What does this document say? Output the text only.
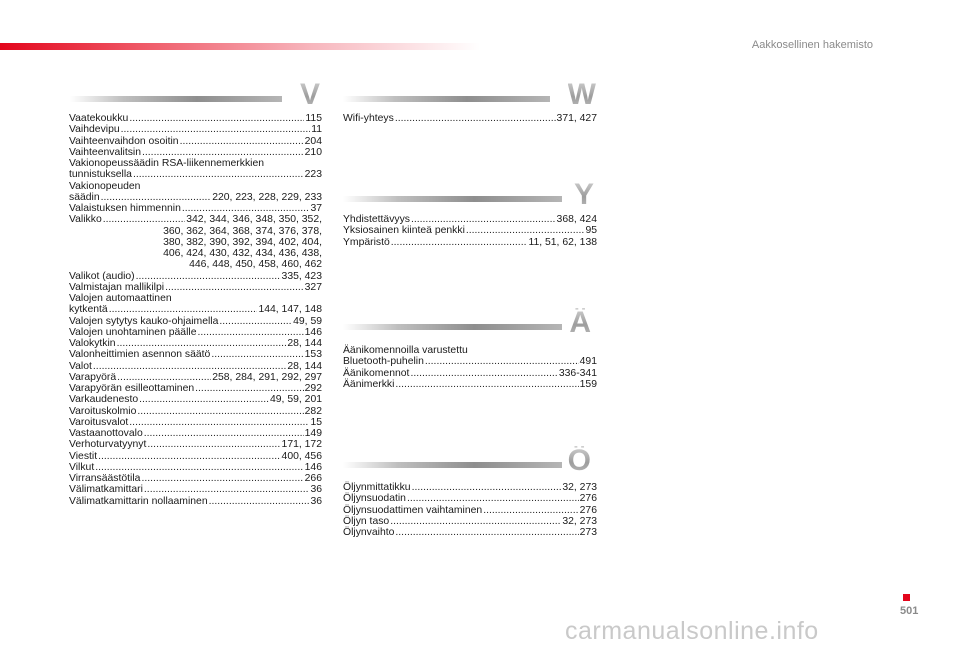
Aakkosellinen hakemisto
V
Vaatekoukku .....	115
Vaihdevipu .....	11
Vaihteenvaihdon osoitin .....	204
Vaihteenvalitsin .....	210
Vakionopeussäädin RSA-liikennemerkkien
tunnistuksella .....	223
Vakionopeuden
säädin .....	220, 223, 228, 229, 233
Valaistuksen himmennin .....	37
Valikko .....	342, 344, 346, 348, 350, 352,
360, 362, 364, 368, 374, 376, 378,
380, 382, 390, 392, 394, 402, 404,
406, 424, 430, 432, 434, 436, 438,
446, 448, 450, 458, 460, 462
Valikot (audio) .....	335, 423
Valmistajan mallikilpi .....	327
Valojen automaattinen
kytkentä .....	144, 147, 148
Valojen sytytys kauko-ohjaimella .....	49, 59
Valojen unohtaminen päälle .....	146
Valokytkin .....	28, 144
Valonheittimien asennon säätö .....	153
Valot .....	28, 144
Varapyörä .....	258, 284, 291, 292, 297
Varapyörän esilleottaminen .....	292
Varkaudenesto .....	49, 59, 201
Varoituskolmio .....	282
Varoitusvalot .....	15
Vastaanottovalo .....	149
Verhoturvatyynyt .....	171, 172
Viestit .....	400, 456
Vilkut .....	146
Virransäästötila .....	266
Välimatkamittari .....	36
Välimatkamittarin nollaaminen .....	36
W
Wifi-yhteys .....	371, 427
Y
Yhdistettävyys .....	368, 424
Yksiosainen kiinteä penkki .....	95
Ympäristö .....	11, 51, 62, 138
Ä
Äänikomennoilla varustettu
Bluetooth-puhelin .....	491
Äänikomennot .....	336-341
Äänimerkki .....	159
Ö
Öljynmittatikku .....	32, 273
Öljynsuodatin .....	276
Öljynsuodattimen vaihtaminen .....	276
Öljyn taso .....	32, 273
Öljynvaihto .....	273
501
carmanualsonline.info
